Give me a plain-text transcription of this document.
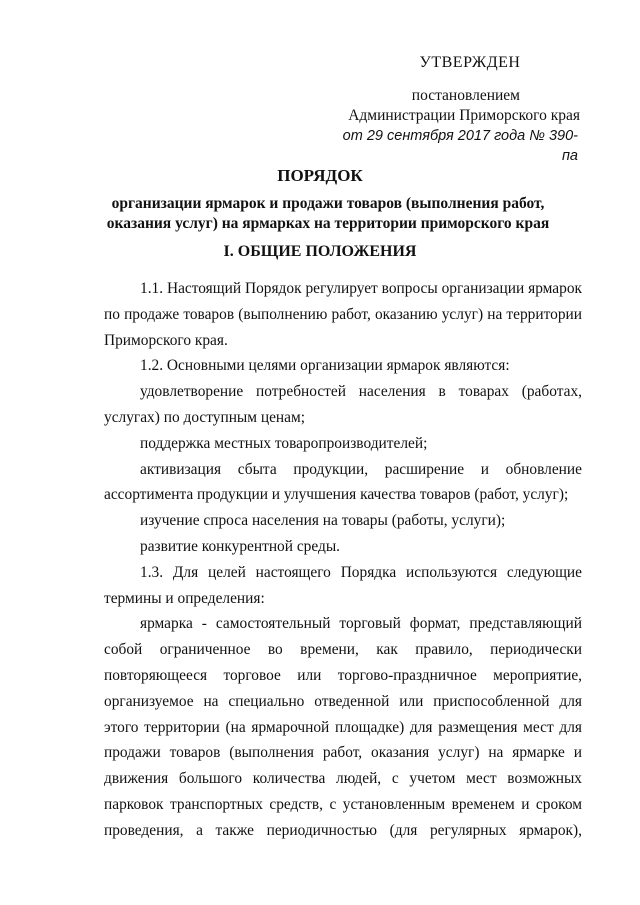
УТВЕРЖДЕН
постановлением
Администрации Приморского края
от 29 сентября 2017 года № 390-па
ПОРЯДОК
организации ярмарок и продажи товаров (выполнения работ, оказания услуг) на ярмарках на территории приморского края
I. ОБЩИЕ ПОЛОЖЕНИЯ

1.1. Настоящий Порядок регулирует вопросы организации ярмарок по продаже товаров (выполнению работ, оказанию услуг) на территории Приморского края.

1.2. Основными целями организации ярмарок являются:

удовлетворение потребностей населения в товарах (работах, услугах) по доступным ценам;

поддержка местных товаропроизводителей;

активизация сбыта продукции, расширение и обновление ассортимента продукции и улучшения качества товаров (работ, услуг);

изучение спроса населения на товары (работы, услуги);

развитие конкурентной среды.

1.3. Для целей настоящего Порядка используются следующие термины и определения:

ярмарка - самостоятельный торговый формат, представляющий собой ограниченное во времени, как правило, периодически повторяющееся торговое или торгово-праздничное мероприятие, организуемое на специально отведенной или приспособленной для этого территории (на ярмарочной площадке) для размещения мест для продажи товаров (выполнения работ, оказания услуг) на ярмарке и движения большого количества людей, с учетом мест возможных парковок транспортных средств, с установленным временем и сроком проведения, а также периодичностью (для регулярных ярмарок),
